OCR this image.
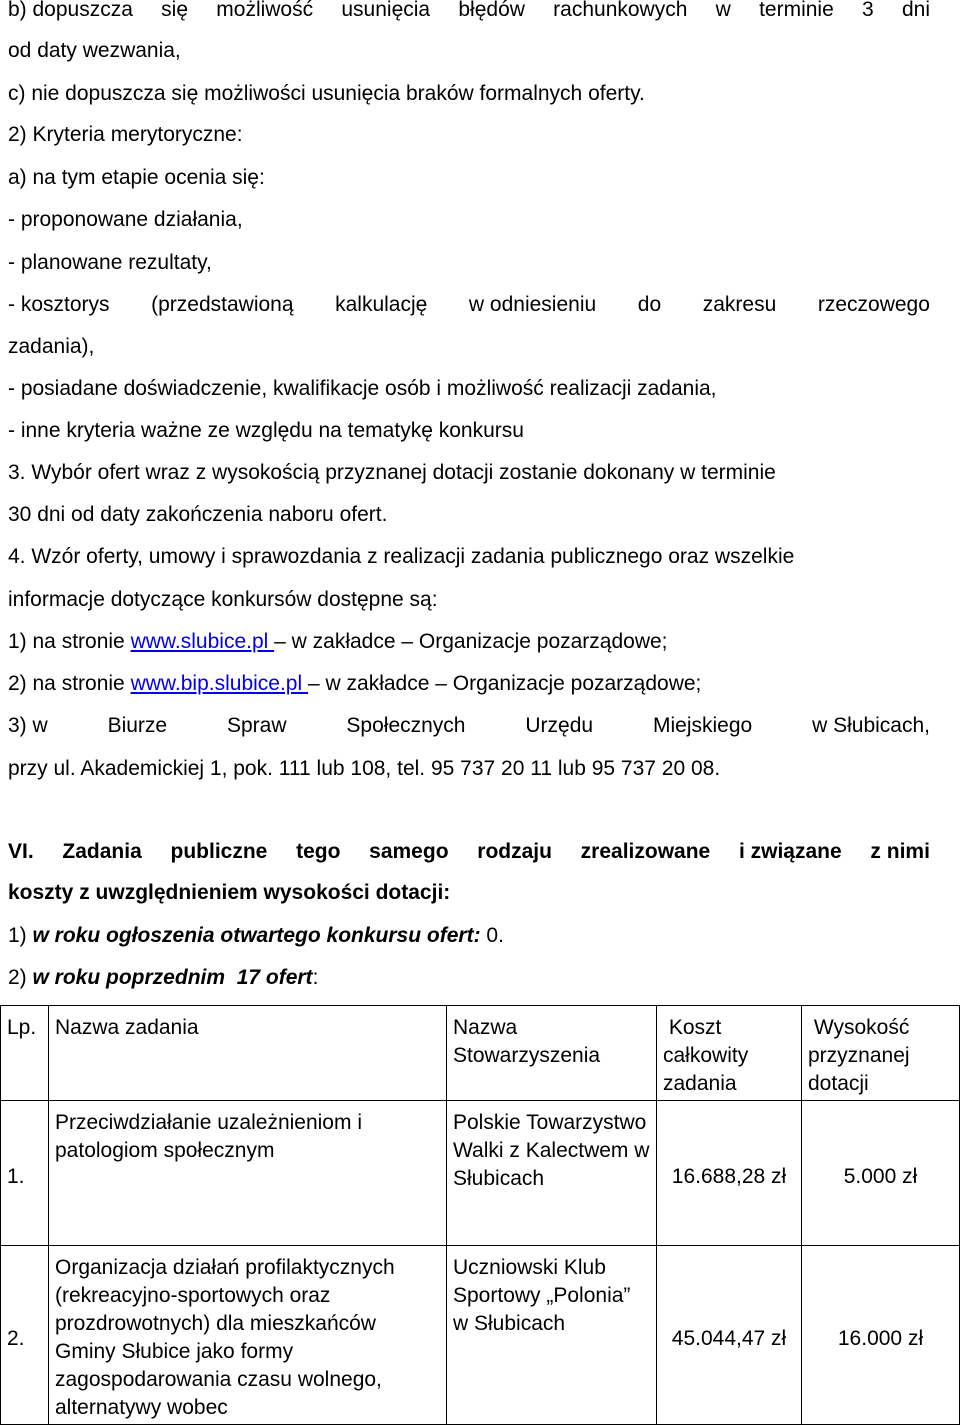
b) dopuszcza się możliwość usunięcia błędów rachunkowych w terminie 3 dni
od daty wezwania,
c) nie dopuszcza się możliwości usunięcia braków formalnych oferty.
2) Kryteria merytoryczne:
a) na tym etapie ocenia się:
- proponowane działania,
- planowane rezultaty,
- kosztorys (przedstawioną kalkulację w odniesieniu do zakresu rzeczowego
zadania),
- posiadane doświadczenie, kwalifikacje osób i możliwość realizacji zadania,
- inne kryteria ważne ze względu na tematykę konkursu
3. Wybór ofert wraz z wysokością przyznanej dotacji zostanie dokonany w terminie
30 dni od daty zakończenia naboru ofert.
4. Wzór oferty, umowy i sprawozdania z realizacji zadania publicznego oraz wszelkie
informacje dotyczące konkursów dostępne są:
1) na stronie www.slubice.pl – w zakładce – Organizacje pozarządowe;
2) na stronie www.bip.slubice.pl – w zakładce – Organizacje pozarządowe;
3) w	Biurze	Spraw	Społecznych	Urzędu	Miejskiego	w Słubicach,
przy ul. Akademickiej 1, pok. 111 lub 108, tel. 95 737 20 11 lub 95 737 20 08.
VI. Zadania publiczne tego samego rodzaju zrealizowane i związane z nimi
koszty z uwzględnieniem wysokości dotacji:
1) w roku ogłoszenia otwartego konkursu ofert: 0.
2) w roku poprzednim  17 ofert:
Lp.	Nazwa zadania	Nazwa Stowarzyszenia	Koszt całkowity zadania	Wysokość przyznanej dotacji
1.	Przeciwdziałanie uzależnieniom i patologiom społecznym	Polskie Towarzystwo Walki z Kalectwem w Słubicach	16.688,28 zł	5.000 zł
2.	Organizacja działań profilaktycznych (rekreacyjno-sportowych oraz prozdrowotnych) dla mieszkańców Gminy Słubice jako formy zagospodarowania czasu wolnego, alternatywy wobec	Uczniowski Klub Sportowy „Polonia” w Słubicach	45.044,47 zł	16.000 zł
